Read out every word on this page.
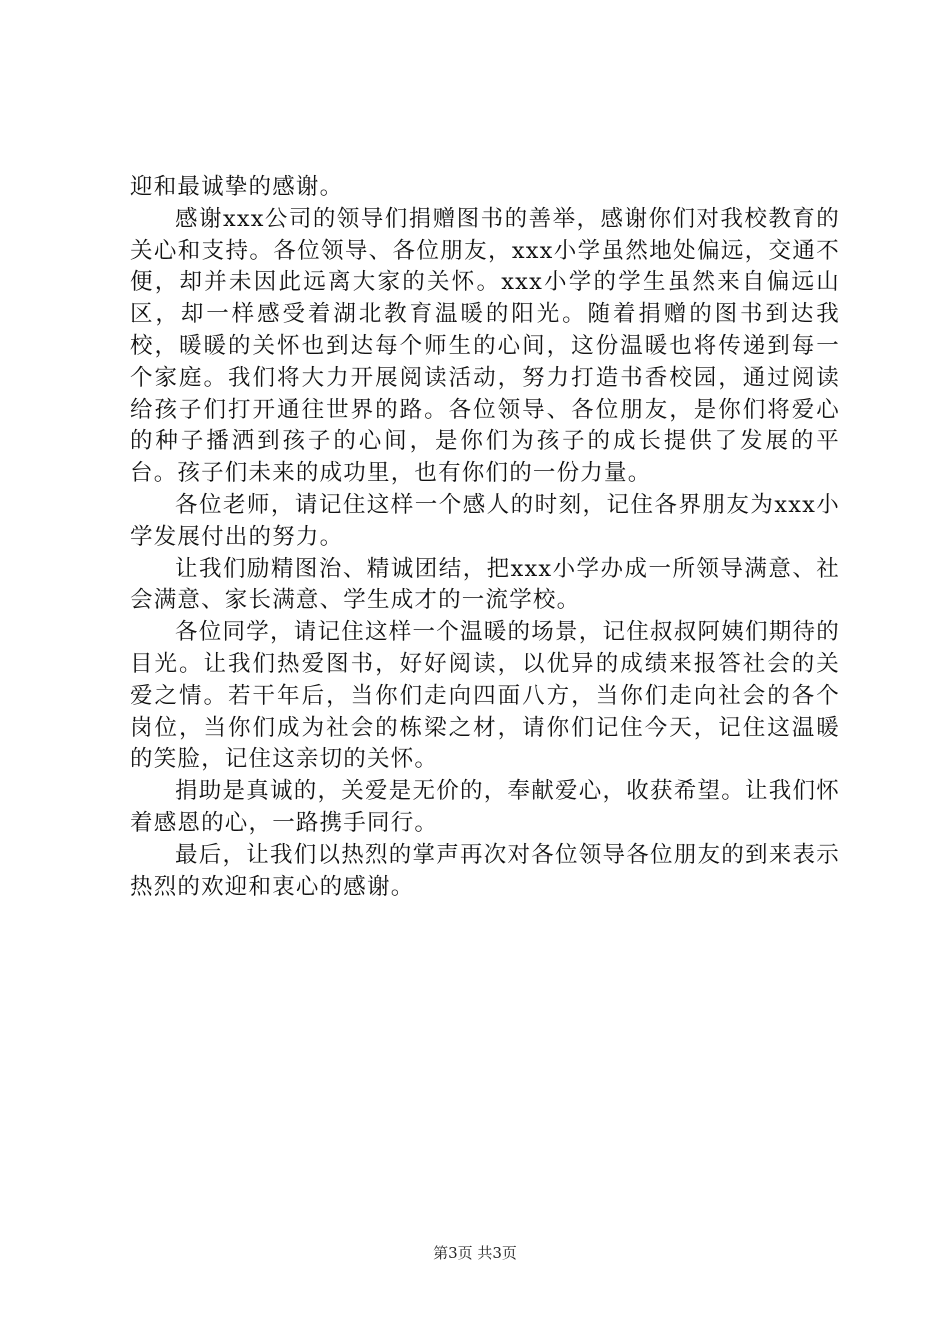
迎和最诚挚的感谢。

感谢xxx公司的领导们捐赠图书的善举，感谢你们对我校教育的关心和支持。各位领导、各位朋友，xxx小学虽然地处偏远，交通不便，却并未因此远离大家的关怀。xxx小学的学生虽然来自偏远山区，却一样感受着湖北教育温暖的阳光。随着捐赠的图书到达我校，暖暖的关怀也到达每个师生的心间，这份温暖也将传递到每一个家庭。我们将大力开展阅读活动，努力打造书香校园，通过阅读给孩子们打开通往世界的路。各位领导、各位朋友，是你们将爱心的种子播洒到孩子的心间，是你们为孩子的成长提供了发展的平台。孩子们未来的成功里，也有你们的一份力量。

各位老师，请记住这样一个感人的时刻，记住各界朋友为xxx小学发展付出的努力。

让我们励精图治、精诚团结，把xxx小学办成一所领导满意、社会满意、家长满意、学生成才的一流学校。

各位同学，请记住这样一个温暖的场景，记住叔叔阿姨们期待的目光。让我们热爱图书，好好阅读，以优异的成绩来报答社会的关爱之情。若干年后，当你们走向四面八方，当你们走向社会的各个岗位，当你们成为社会的栋梁之材，请你们记住今天，记住这温暖的笑脸，记住这亲切的关怀。

捐助是真诚的，关爱是无价的，奉献爱心，收获希望。让我们怀着感恩的心，一路携手同行。

最后，让我们以热烈的掌声再次对各位领导各位朋友的到来表示热烈的欢迎和衷心的感谢。

第3页 共3页
